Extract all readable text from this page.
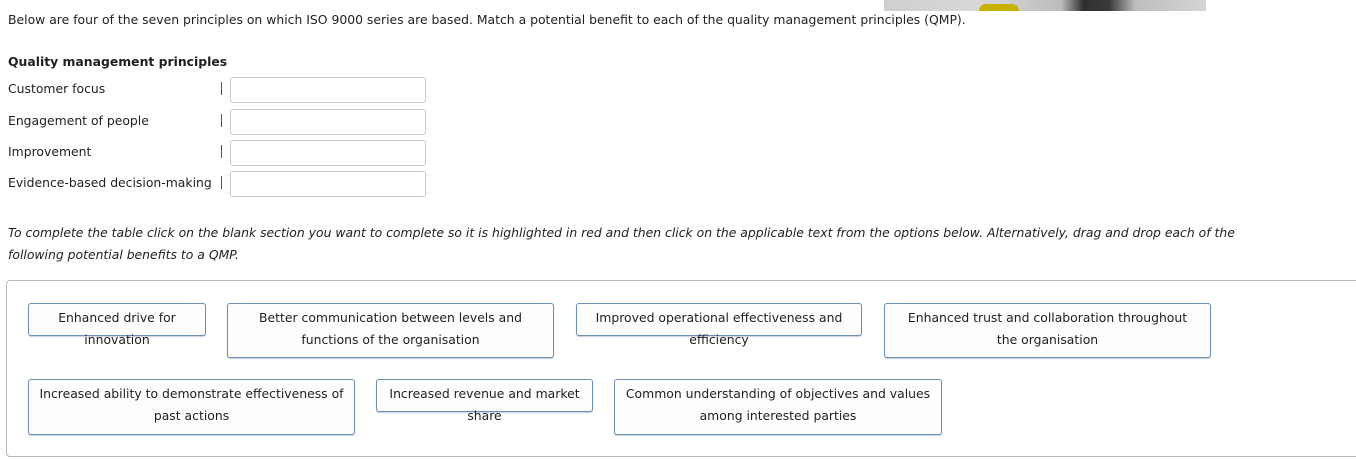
Below are four of the seven principles on which ISO 9000 series are based. Match a potential benefit to each of the quality management principles (QMP).
Quality management principles
Customer focus
Engagement of people
Improvement
Evidence-based decision-making
To complete the table click on the blank section you want to complete so it is highlighted in red and then click on the applicable text from the options below. Alternatively, drag and drop each of the following potential benefits to a QMP.
Enhanced drive for innovation
Better communication between levels and functions of the organisation
Improved operational effectiveness and efficiency
Enhanced trust and collaboration throughout the organisation
Increased ability to demonstrate effectiveness of past actions
Increased revenue and market share
Common understanding of objectives and values among interested parties
